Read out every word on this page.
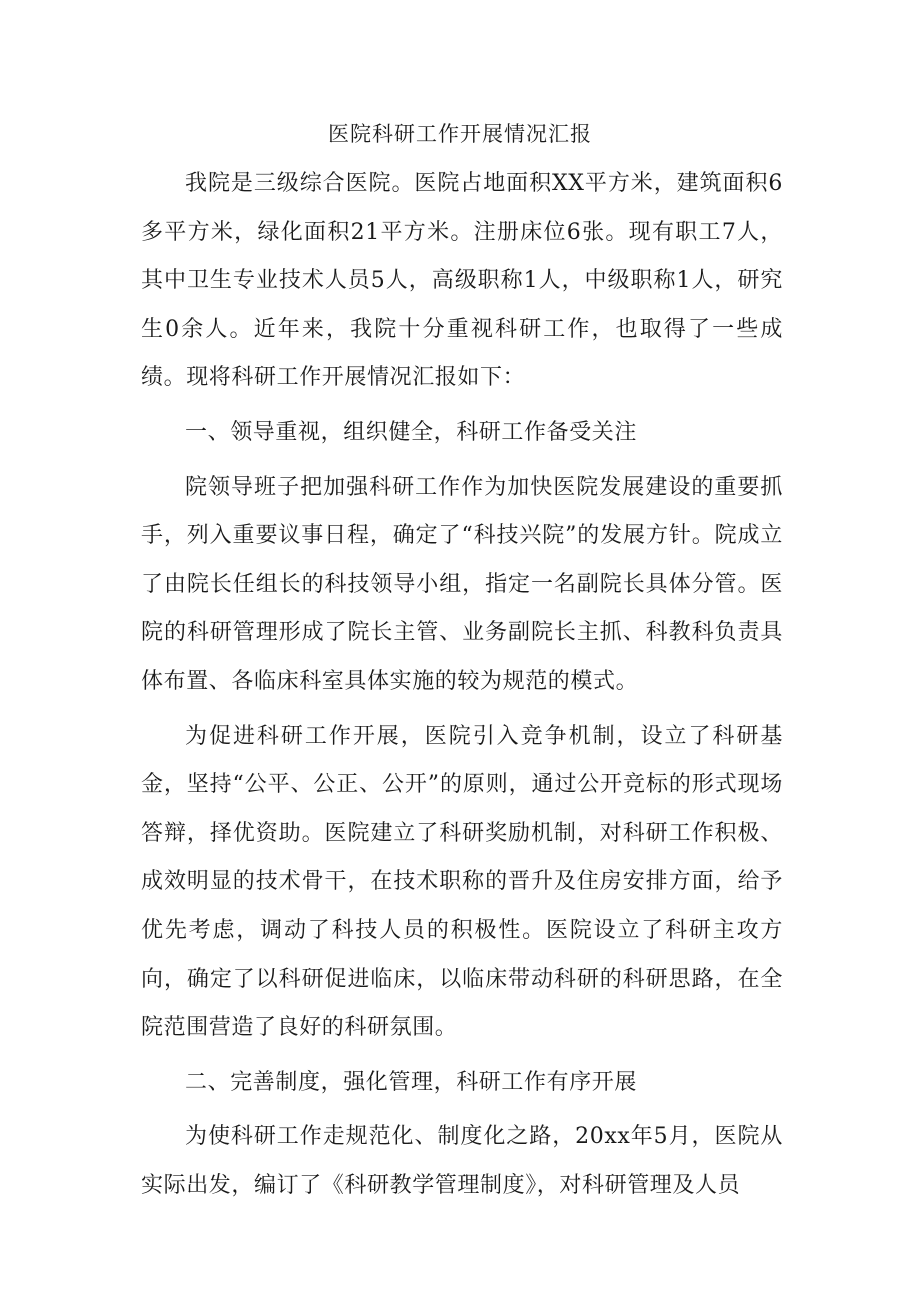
医院科研工作开展情况汇报

我院是三级综合医院。医院占地面积XX平方米，建筑面积6多平方米，绿化面积21平方米。注册床位6张。现有职工7人，其中卫生专业技术人员5人，高级职称1人，中级职称1人，研究生0余人。近年来，我院十分重视科研工作，也取得了一些成绩。现将科研工作开展情况汇报如下：

一、领导重视，组织健全，科研工作备受关注

院领导班子把加强科研工作作为加快医院发展建设的重要抓手，列入重要议事日程，确定了“科技兴院”的发展方针。院成立了由院长任组长的科技领导小组，指定一名副院长具体分管。医院的科研管理形成了院长主管、业务副院长主抓、科教科负责具体布置、各临床科室具体实施的较为规范的模式。

为促进科研工作开展，医院引入竞争机制，设立了科研基金，坚持“公平、公正、公开”的原则，通过公开竞标的形式现场答辩，择优资助。医院建立了科研奖励机制，对科研工作积极、成效明显的技术骨干，在技术职称的晋升及住房安排方面，给予优先考虑，调动了科技人员的积极性。医院设立了科研主攻方向，确定了以科研促进临床，以临床带动科研的科研思路，在全院范围营造了良好的科研氛围。

二、完善制度，强化管理，科研工作有序开展

为使科研工作走规范化、制度化之路，20xx年5月，医院从实际出发，编订了《科研教学管理制度》，对科研管理及人员
